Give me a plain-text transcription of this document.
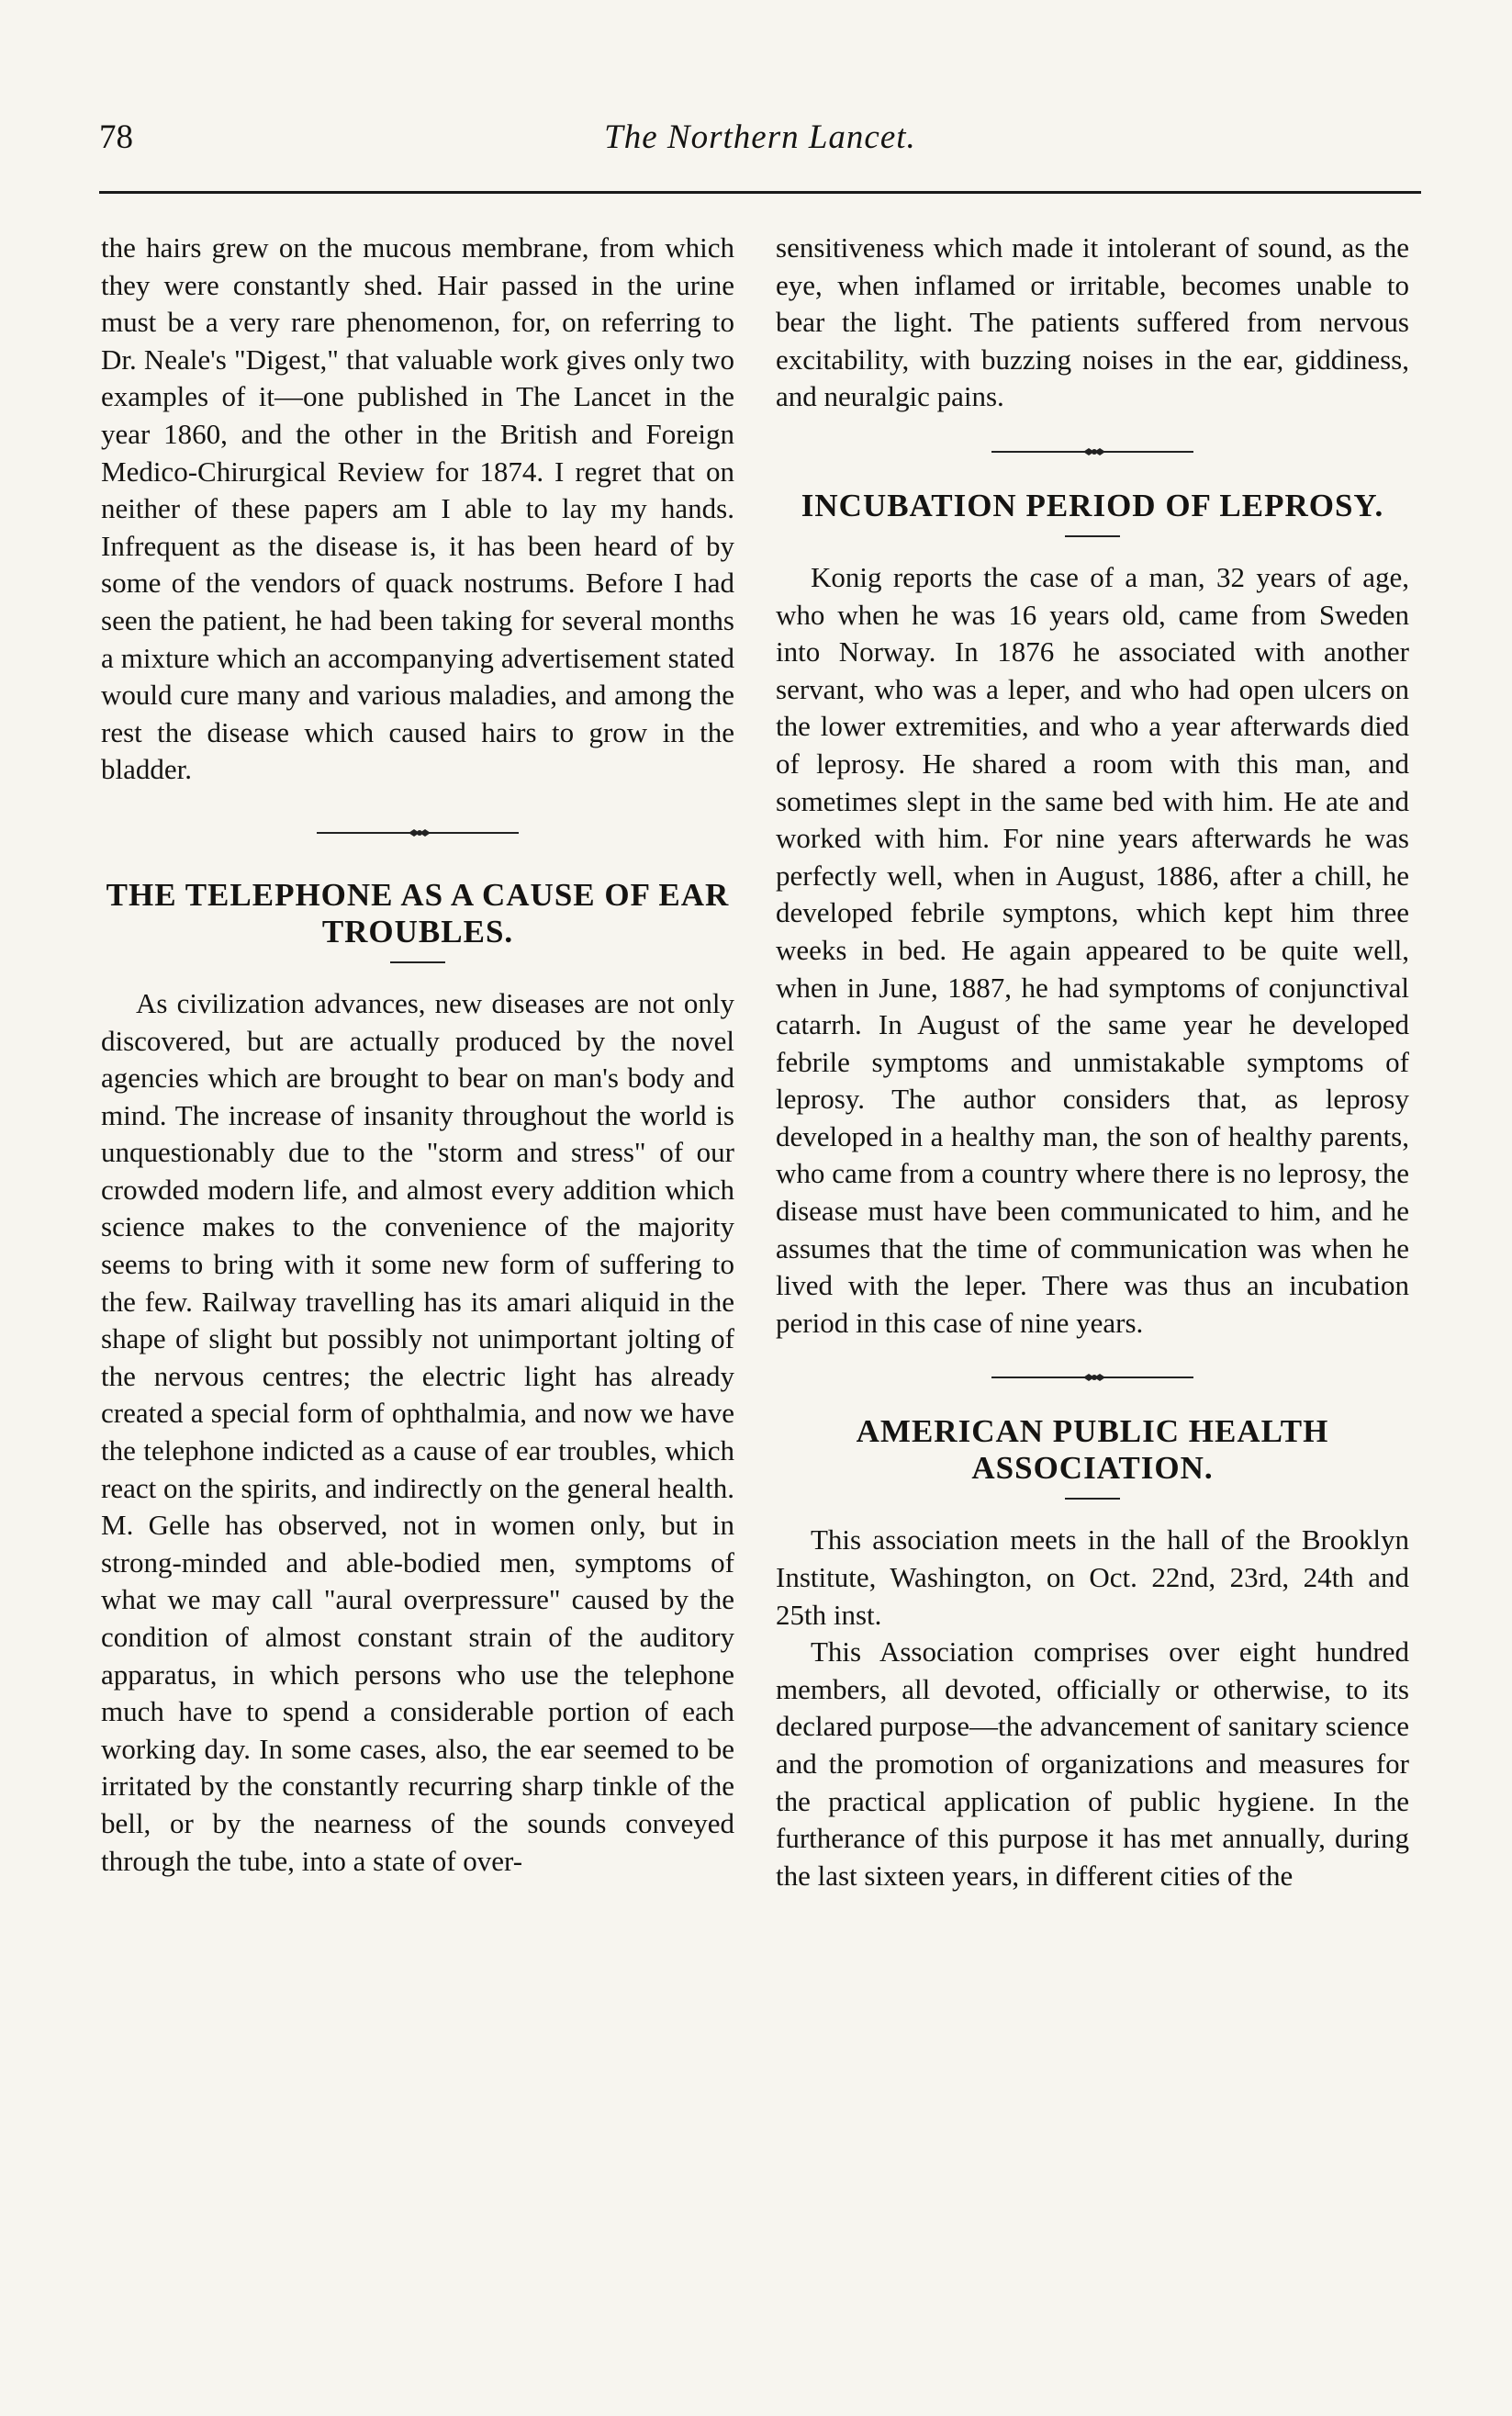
78	The Northern Lancet.

the hairs grew on the mucous membrane, from which they were constantly shed. Hair passed in the urine must be a very rare phenomenon, for, on referring to Dr. Neale's "Digest," that valuable work gives only two examples of it—one published in The Lancet in the year 1860, and the other in the British and Foreign Medico-Chirurgical Review for 1874. I regret that on neither of these papers am I able to lay my hands. Infrequent as the disease is, it has been heard of by some of the vendors of quack nostrums. Before I had seen the patient, he had been taking for several months a mixture which an accompanying advertisement stated would cure many and various maladies, and among the rest the disease which caused hairs to grow in the bladder.

THE TELEPHONE AS A CAUSE OF EAR TROUBLES.

As civilization advances, new diseases are not only discovered, but are actually produced by the novel agencies which are brought to bear on man's body and mind. The increase of insanity throughout the world is unquestionably due to the "storm and stress" of our crowded modern life, and almost every addition which science makes to the convenience of the majority seems to bring with it some new form of suffering to the few. Railway travelling has its amari aliquid in the shape of slight but possibly not unimportant jolting of the nervous centres; the electric light has already created a special form of ophthalmia, and now we have the telephone indicted as a cause of ear troubles, which react on the spirits, and indirectly on the general health. M. Gelle has observed, not in women only, but in strong-minded and able-bodied men, symptoms of what we may call "aural overpressure" caused by the condition of almost constant strain of the auditory apparatus, in which persons who use the telephone much have to spend a considerable portion of each working day. In some cases, also, the ear seemed to be irritated by the constantly recurring sharp tinkle of the bell, or by the nearness of the sounds conveyed through the tube, into a state of over-

sensitiveness which made it intolerant of sound, as the eye, when inflamed or irritable, becomes unable to bear the light. The patients suffered from nervous excitability, with buzzing noises in the ear, giddiness, and neuralgic pains.

INCUBATION PERIOD OF LEPROSY.

Konig reports the case of a man, 32 years of age, who when he was 16 years old, came from Sweden into Norway. In 1876 he associated with another servant, who was a leper, and who had open ulcers on the lower extremities, and who a year afterwards died of leprosy. He shared a room with this man, and sometimes slept in the same bed with him. He ate and worked with him. For nine years afterwards he was perfectly well, when in August, 1886, after a chill, he developed febrile symptons, which kept him three weeks in bed. He again appeared to be quite well, when in June, 1887, he had symptoms of conjunctival catarrh. In August of the same year he developed febrile symptoms and unmistakable symptoms of leprosy. The author considers that, as leprosy developed in a healthy man, the son of healthy parents, who came from a country where there is no leprosy, the disease must have been communicated to him, and he assumes that the time of communication was when he lived with the leper. There was thus an incubation period in this case of nine years.

AMERICAN PUBLIC HEALTH ASSOCIATION.

This association meets in the hall of the Brooklyn Institute, Washington, on Oct. 22nd, 23rd, 24th and 25th inst.

This Association comprises over eight hundred members, all devoted, officially or otherwise, to its declared purpose—the advancement of sanitary science and the promotion of organizations and measures for the practical application of public hygiene. In the furtherance of this purpose it has met annually, during the last sixteen years, in different cities of the
